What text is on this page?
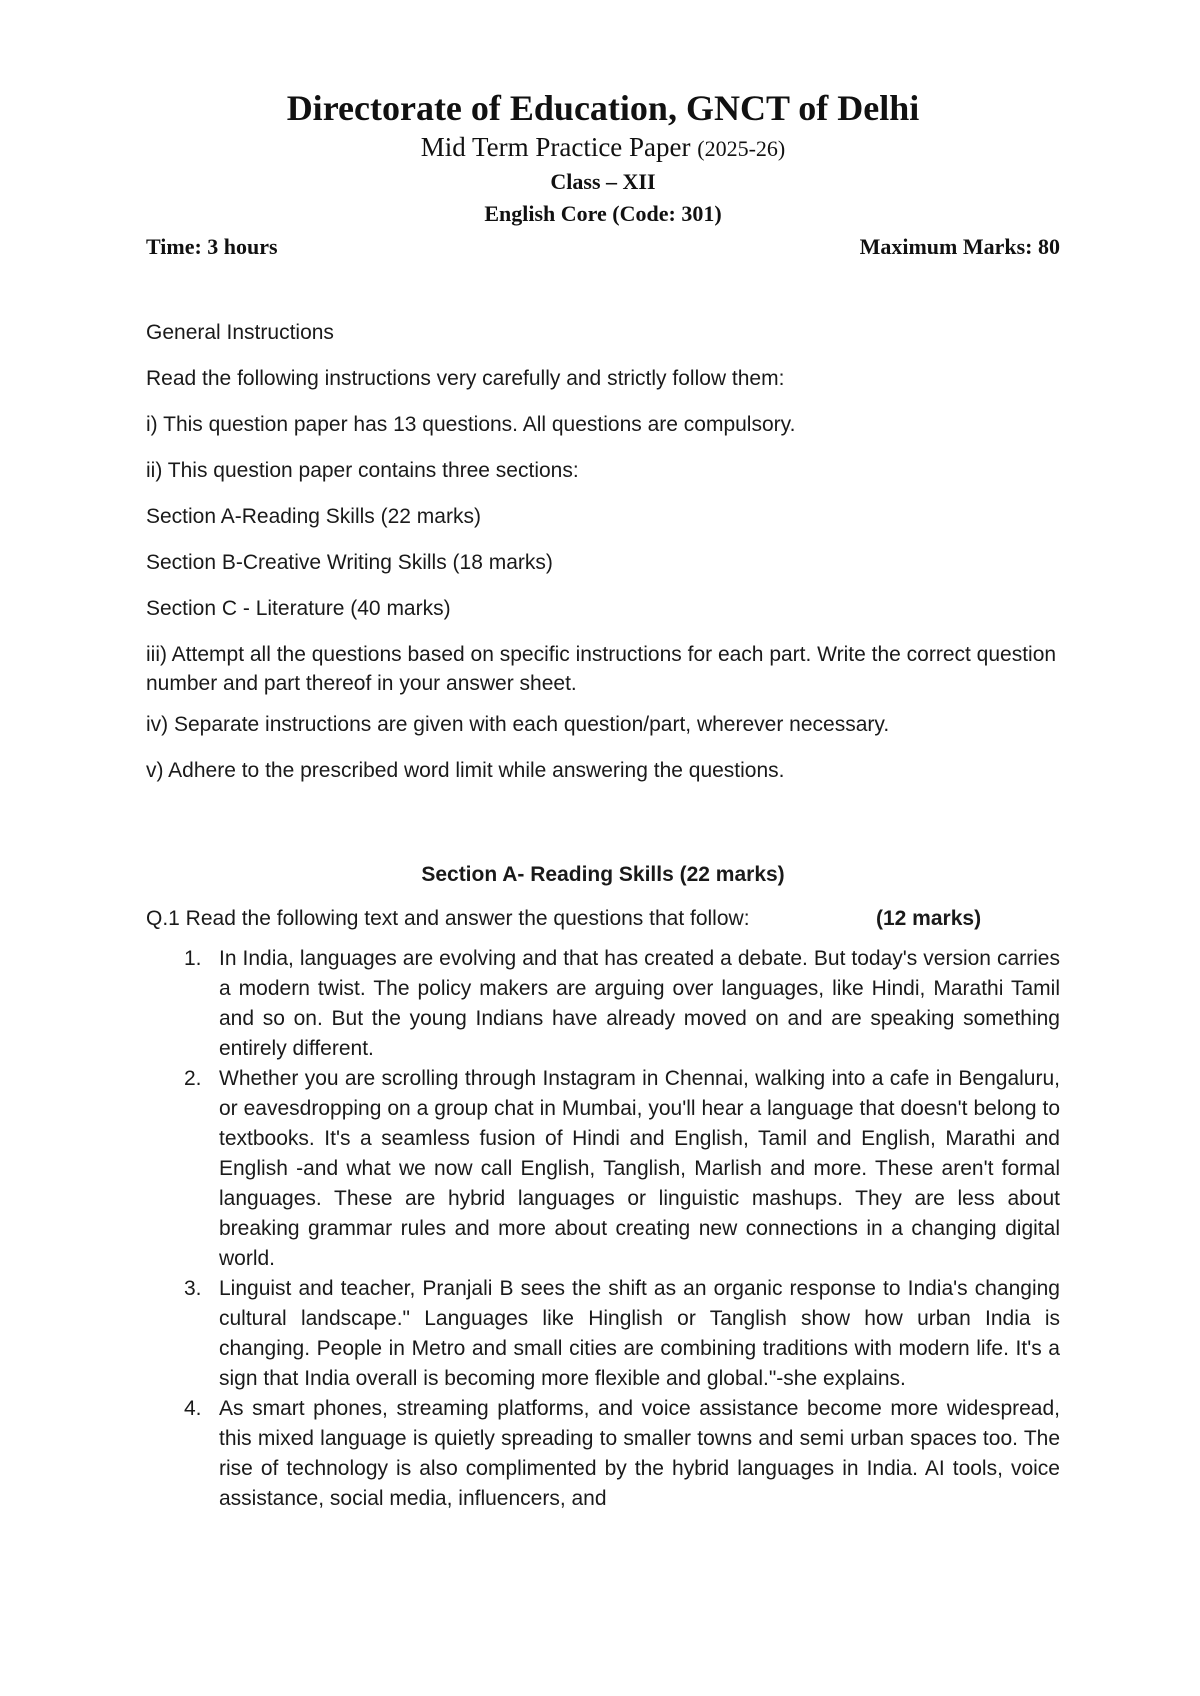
Directorate of Education, GNCT of Delhi

Mid Term Practice Paper (2025-26)

Class – XII

English Core (Code: 301)

Time: 3 hours	Maximum Marks: 80

General Instructions

Read the following instructions very carefully and strictly follow them:

i) This question paper has 13 questions. All questions are compulsory.

ii) This question paper contains three sections:

Section A-Reading Skills (22 marks)

Section B-Creative Writing Skills (18 marks)

Section C - Literature (40 marks)

iii) Attempt all the questions based on specific instructions for each part. Write the correct question number and part thereof in your answer sheet.

iv) Separate instructions are given with each question/part, wherever necessary.

v) Adhere to the prescribed word limit while answering the questions.

Section A- Reading Skills (22 marks)

Q.1 Read the following text and answer the questions that follow:	(12 marks)

1. In India, languages are evolving and that has created a debate. But today's version carries a modern twist. The policy makers are arguing over languages, like Hindi, Marathi Tamil and so on. But the young Indians have already moved on and are speaking something entirely different.
2. Whether you are scrolling through Instagram in Chennai, walking into a cafe in Bengaluru, or eavesdropping on a group chat in Mumbai, you'll hear a language that doesn't belong to textbooks. It's a seamless fusion of Hindi and English, Tamil and English, Marathi and English -and what we now call English, Tanglish, Marlish and more. These aren't formal languages. These are hybrid languages or linguistic mashups. They are less about breaking grammar rules and more about creating new connections in a changing digital world.
3. Linguist and teacher, Pranjali B sees the shift as an organic response to India's changing cultural landscape." Languages like Hinglish or Tanglish show how urban India is changing. People in Metro and small cities are combining traditions with modern life. It's a sign that India overall is becoming more flexible and global."-she explains.
4. As smart phones, streaming platforms, and voice assistance become more widespread, this mixed language is quietly spreading to smaller towns and semi urban spaces too. The rise of technology is also complimented by the hybrid languages in India. AI tools, voice assistance, social media, influencers, and
